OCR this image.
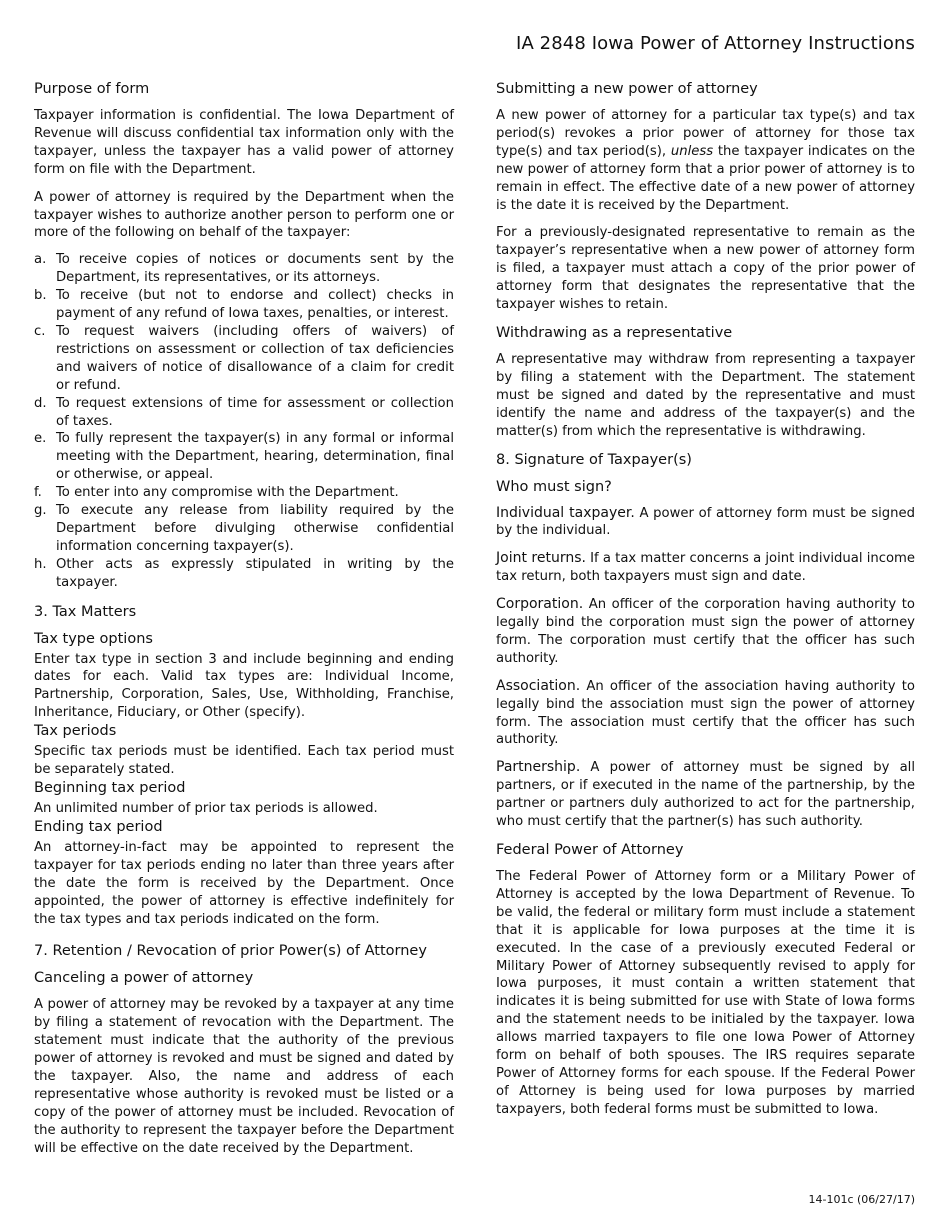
IA 2848 Iowa Power of Attorney Instructions
Purpose of form

Taxpayer information is confidential. The Iowa Department of Revenue will discuss confidential tax information only with the taxpayer, unless the taxpayer has a valid power of attorney form on file with the Department.

A power of attorney is required by the Department when the taxpayer wishes to authorize another person to perform one or more of the following on behalf of the taxpayer:

a. To receive copies of notices or documents sent by the Department, its representatives, or its attorneys.
b. To receive (but not to endorse and collect) checks in payment of any refund of Iowa taxes, penalties, or interest.
c. To request waivers (including offers of waivers) of restrictions on assessment or collection of tax deficiencies and waivers of notice of disallowance of a claim for credit or refund.
d. To request extensions of time for assessment or collection of taxes.
e. To fully represent the taxpayer(s) in any formal or informal meeting with the Department, hearing, determination, final or otherwise, or appeal.
f. To enter into any compromise with the Department.
g. To execute any release from liability required by the Department before divulging otherwise confidential information concerning taxpayer(s).
h. Other acts as expressly stipulated in writing by the taxpayer.
3. Tax Matters
Tax type options

Enter tax type in section 3 and include beginning and ending dates for each. Valid tax types are: Individual Income, Partnership, Corporation, Sales, Use, Withholding, Franchise, Inheritance, Fiduciary, or Other (specify).

Tax periods

Specific tax periods must be identified. Each tax period must be separately stated.

Beginning tax period

An unlimited number of prior tax periods is allowed.

Ending tax period

An attorney-in-fact may be appointed to represent the taxpayer for tax periods ending no later than three years after the date the form is received by the Department. Once appointed, the power of attorney is effective indefinitely for the tax types and tax periods indicated on the form.

7. Retention / Revocation of prior Power(s) of Attorney
Canceling a power of attorney

A power of attorney may be revoked by a taxpayer at any time by filing a statement of revocation with the Department. The statement must indicate that the authority of the previous power of attorney is revoked and must be signed and dated by the taxpayer. Also, the name and address of each representative whose authority is revoked must be listed or a copy of the power of attorney must be included. Revocation of the authority to represent the taxpayer before the Department will be effective on the date received by the Department.

Submitting a new power of attorney

A new power of attorney for a particular tax type(s) and tax period(s) revokes a prior power of attorney for those tax type(s) and tax period(s), unless the taxpayer indicates on the new power of attorney form that a prior power of attorney is to remain in effect. The effective date of a new power of attorney is the date it is received by the Department.

For a previously-designated representative to remain as the taxpayer’s representative when a new power of attorney form is filed, a taxpayer must attach a copy of the prior power of attorney form that designates the representative that the taxpayer wishes to retain.

Withdrawing as a representative

A representative may withdraw from representing a taxpayer by filing a statement with the Department. The statement must be signed and dated by the representative and must identify the name and address of the taxpayer(s) and the matter(s) from which the representative is withdrawing.

8. Signature of Taxpayer(s)
Who must sign?

Individual taxpayer. A power of attorney form must be signed by the individual.

Joint returns. If a tax matter concerns a joint individual income tax return, both taxpayers must sign and date.

Corporation. An officer of the corporation having authority to legally bind the corporation must sign the power of attorney form. The corporation must certify that the officer has such authority.

Association. An officer of the association having authority to legally bind the association must sign the power of attorney form. The association must certify that the officer has such authority.

Partnership. A power of attorney must be signed by all partners, or if executed in the name of the partnership, by the partner or partners duly authorized to act for the partnership, who must certify that the partner(s) has such authority.

Federal Power of Attorney

The Federal Power of Attorney form or a Military Power of Attorney is accepted by the Iowa Department of Revenue. To be valid, the federal or military form must include a statement that it is applicable for Iowa purposes at the time it is executed. In the case of a previously executed Federal or Military Power of Attorney subsequently revised to apply for Iowa purposes, it must contain a written statement that indicates it is being submitted for use with State of Iowa forms and the statement needs to be initialed by the taxpayer. Iowa allows married taxpayers to file one Iowa Power of Attorney form on behalf of both spouses. The IRS requires separate Power of Attorney forms for each spouse. If the Federal Power of Attorney is being used for Iowa purposes by married taxpayers, both federal forms must be submitted to Iowa.

14-101c (06/27/17)
